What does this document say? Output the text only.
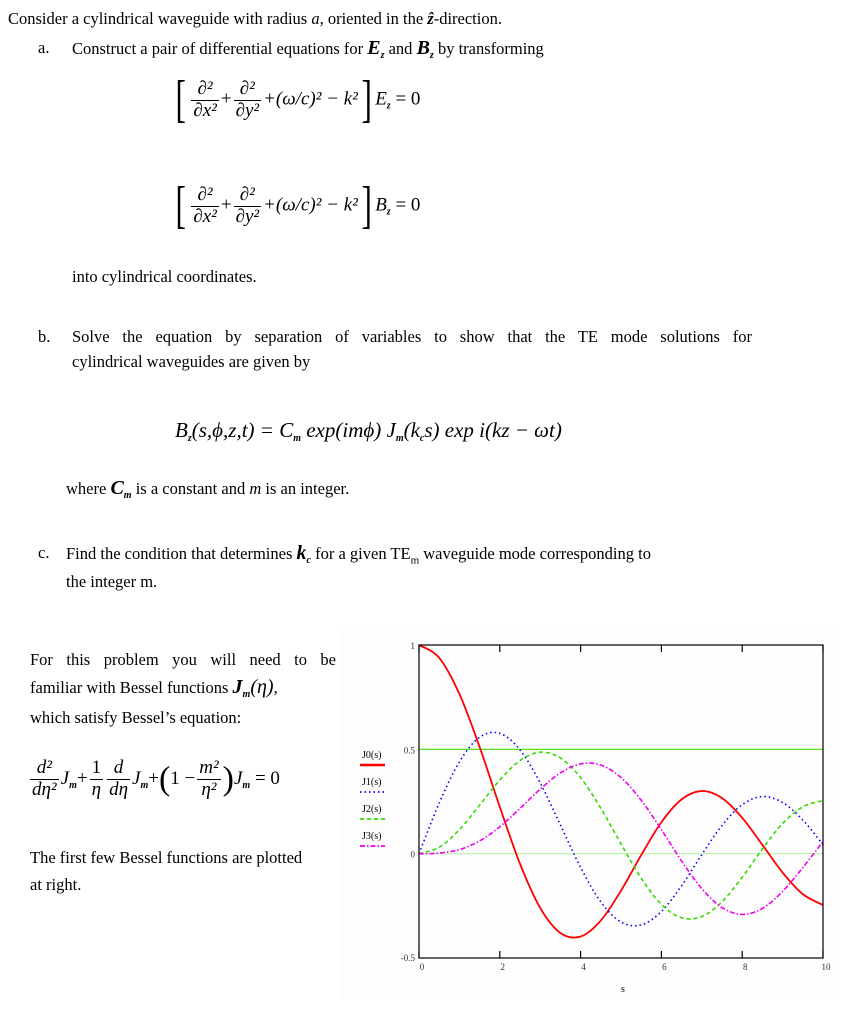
Consider a cylindrical waveguide with radius a, oriented in the ẑ-direction.
a. Construct a pair of differential equations for $E_z$ and $B_z$ by transforming
[ $\frac{\text{∂²}}{\text{∂x²}} + \frac{\text{∂²}}{\text{∂y²}} +(\omega/c)^2 - k^2$] $E_z = 0$
[ $\frac{\text{∂²}}{\text{∂x²}} + \frac{\text{∂²}}{\text{∂y²}} +(\omega/c)^2 - k^2$] $B_z = 0$
into cylindrical coordinates.
b. Solve the equation by separation of variables to show that the TE mode solutions for
cylindrical waveguides are given by
$B_z(s,\phi,z,t) = C_m$ exp(imϕ) $J_m(k_cs)$ exp i(kz − ωt)
where $C_m$ is a constant and m is an integer.
c. Find the condition that determines $k_c$ for a given $TE_m$ waveguide mode corresponding to
the integer m.
For this problem you will need to be
familiar with Bessel functions $J_m(\eta)$,
which satisfy Bessel’s equation:
$\frac{\text{d²}}{\text{dη²}} J_m+ \frac{1}{\eta} \frac{d}{d\eta} J_m+(1 - \frac{\text{m²}}{\text{η²}} )J_m = 0$
The first few Bessel functions are plotted
at right.
J0(s)
J1(s)
J2(s)
J3(s)
0	2	4	6	8	10
1
0.5
0
-0.5
s
